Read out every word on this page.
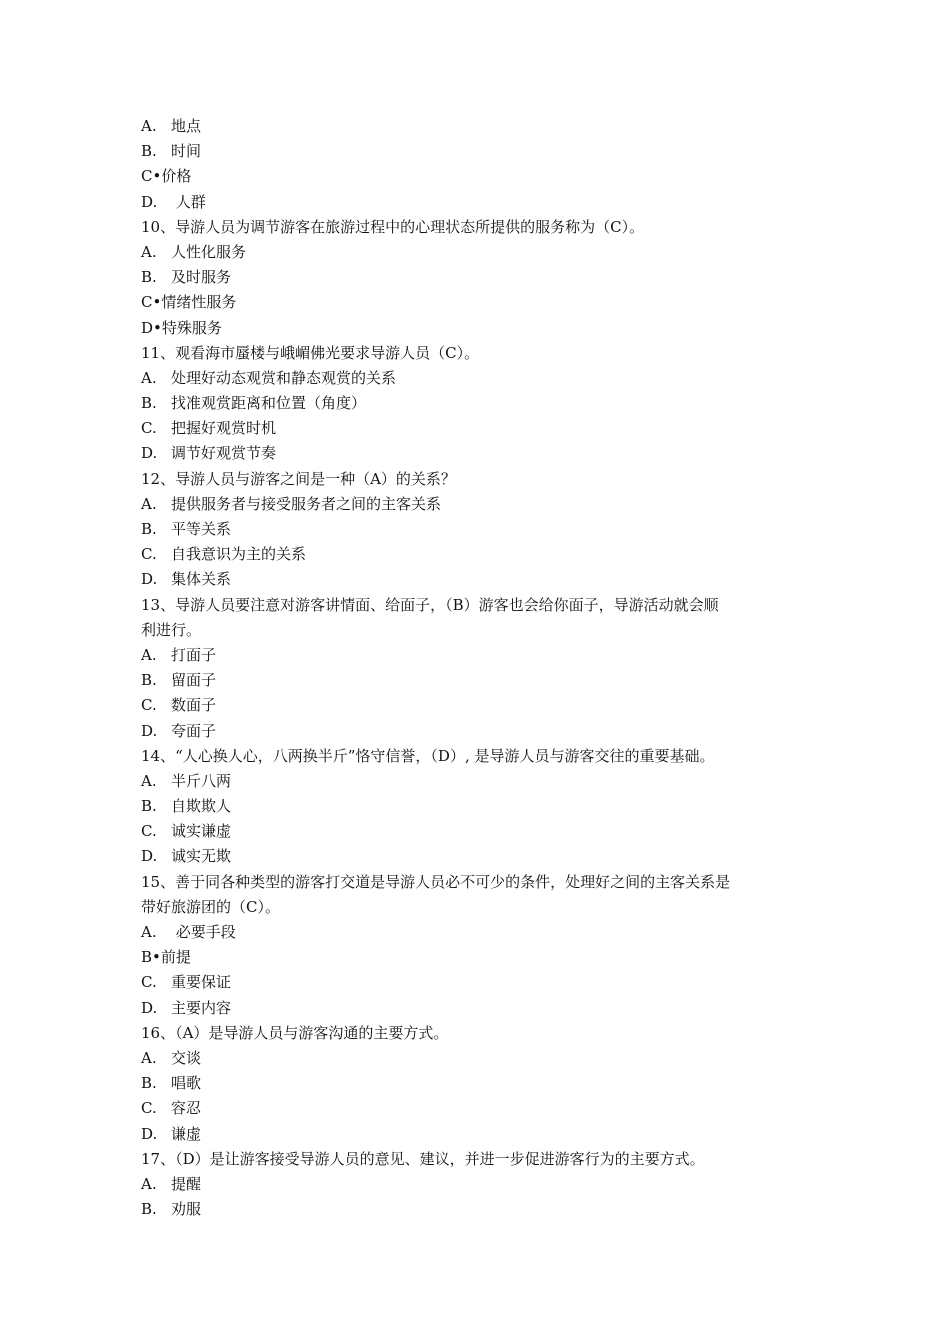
A. 地点
B. 时间
C•价格
D. 人群
10、导游人员为调节游客在旅游过程中的心理状态所提供的服务称为（C）。
A. 人性化服务
B. 及时服务
C•情绪性服务
D•特殊服务
11、观看海市蜃楼与峨嵋佛光要求导游人员（C）。
A. 处理好动态观赏和静态观赏的关系
B. 找准观赏距离和位置（角度）
C. 把握好观赏时机
D. 调节好观赏节奏
12、导游人员与游客之间是一种（A）的关系？
A. 提供服务者与接受服务者之间的主客关系
B. 平等关系
C. 自我意识为主的关系
D. 集体关系
13、导游人员要注意对游客讲情面、给面子，（B）游客也会给你面子，导游活动就会顺
利进行。
A. 打面子
B. 留面子
C. 数面子
D. 夸面子
14、“人心换人心，八两换半斤”恪守信誉，（D）, 是导游人员与游客交往的重要基础。
A. 半斤八两
B. 自欺欺人
C. 诚实谦虚
D. 诚实无欺
15、善于同各种类型的游客打交道是导游人员必不可少的条件，处理好之间的主客关系是
带好旅游团的（C）。
A. 必要手段
B•前提
C. 重要保证
D. 主要内容
16、（A）是导游人员与游客沟通的主要方式。
A. 交谈
B. 唱歌
C. 容忍
D. 谦虚
17、（D）是让游客接受导游人员的意见、建议，并进一步促进游客行为的主要方式。
A. 提醒
B. 劝服
